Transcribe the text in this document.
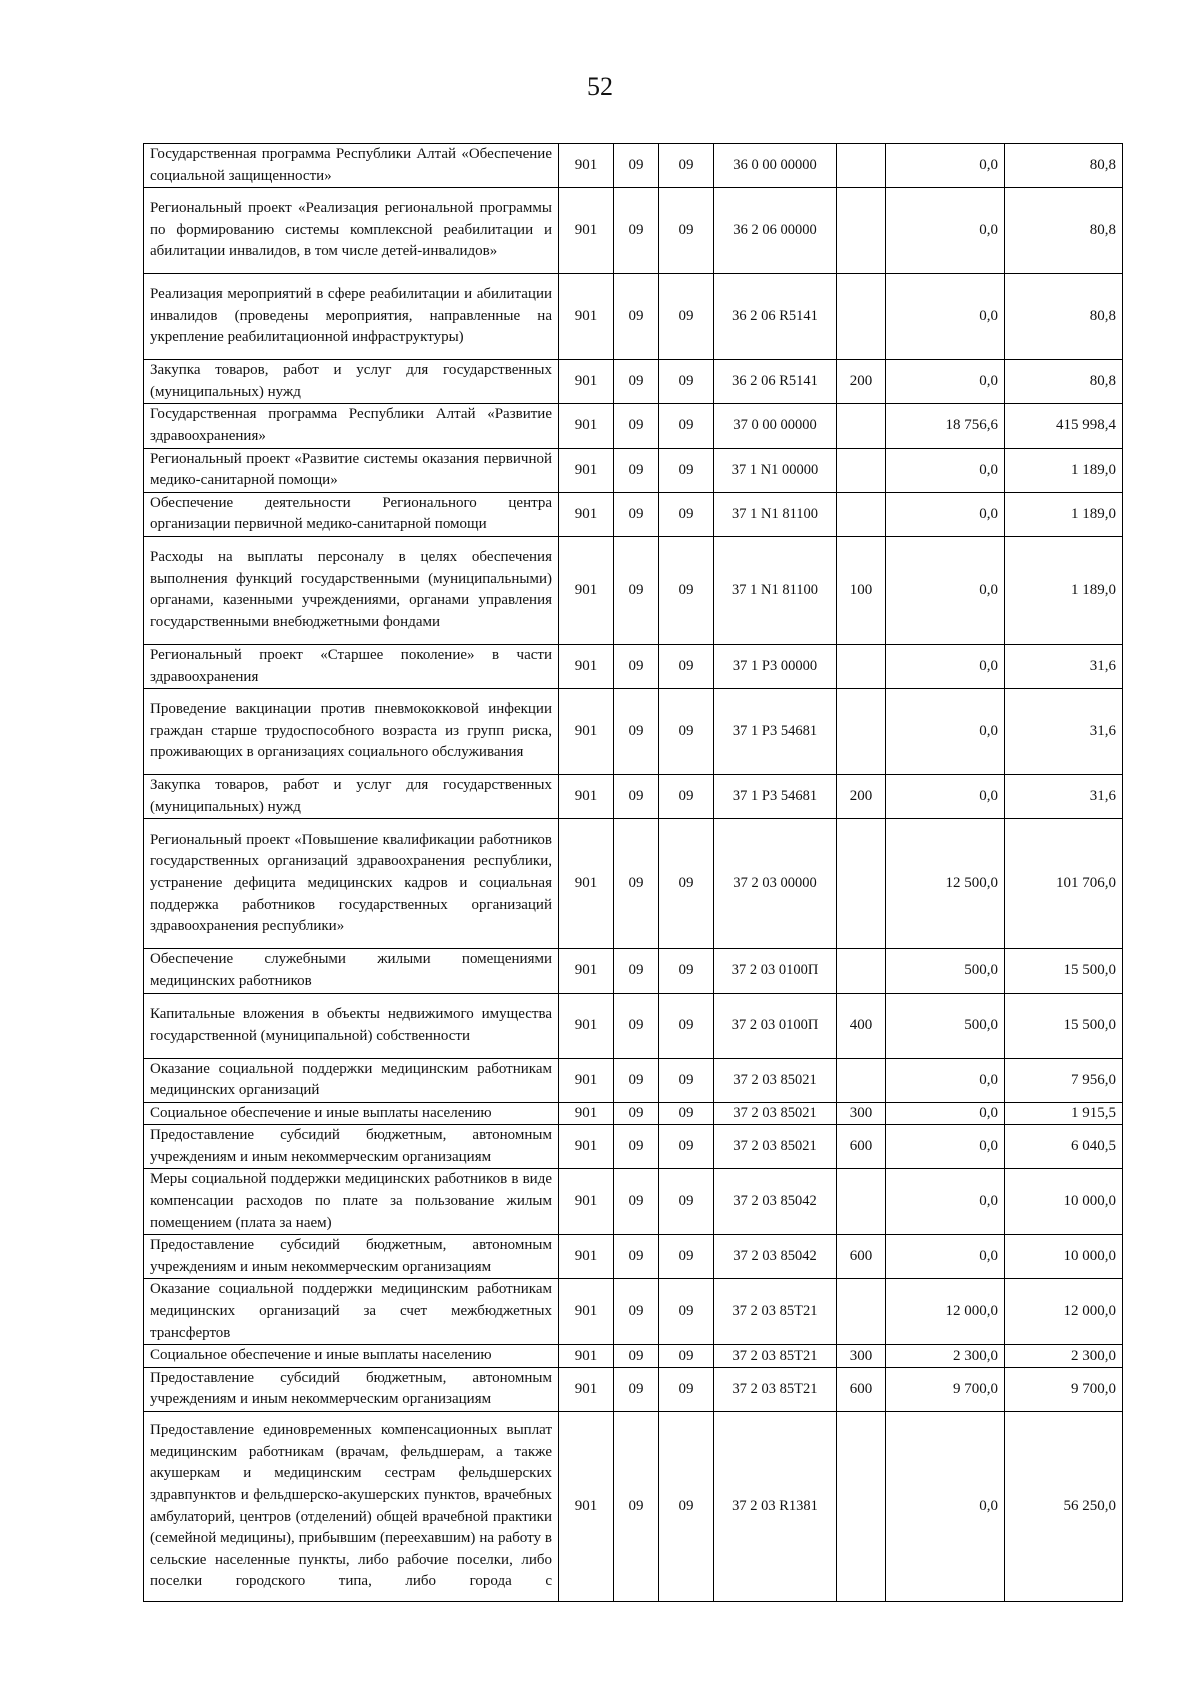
52
Государственная программа Республики Алтай «Обеспечение социальной защищенности»	901	09	09	36 0 00 00000		0,0	80,8
Региональный проект «Реализация региональной программы по формированию системы комплексной реабилитации и абилитации инвалидов, в том числе детей-инвалидов»	901	09	09	36 2 06 00000		0,0	80,8
Реализация мероприятий в сфере реабилитации и абилитации инвалидов (проведены мероприятия, направленные на укрепление реабилитационной инфраструктуры)	901	09	09	36 2 06 R5141		0,0	80,8
Закупка товаров, работ и услуг для государственных (муниципальных) нужд	901	09	09	36 2 06 R5141	200	0,0	80,8
Государственная программа Республики Алтай «Развитие здравоохранения»	901	09	09	37 0 00 00000		18 756,6	415 998,4
Региональный проект «Развитие системы оказания первичной медико-санитарной помощи»	901	09	09	37 1 N1 00000		0,0	1 189,0
Обеспечение деятельности Регионального центра организации первичной медико-санитарной помощи	901	09	09	37 1 N1 81100		0,0	1 189,0
Расходы на выплаты персоналу в целях обеспечения выполнения функций государственными (муниципальными) органами, казенными учреждениями, органами управления государственными внебюджетными фондами	901	09	09	37 1 N1 81100	100	0,0	1 189,0
Региональный проект «Старшее поколение» в части здравоохранения	901	09	09	37 1 P3 00000		0,0	31,6
Проведение вакцинации против пневмококковой инфекции граждан старше трудоспособного возраста из групп риска, проживающих в организациях социального обслуживания	901	09	09	37 1 P3 54681		0,0	31,6
Закупка товаров, работ и услуг для государственных (муниципальных) нужд	901	09	09	37 1 P3 54681	200	0,0	31,6
Региональный проект «Повышение квалификации работников государственных организаций здравоохранения республики, устранение дефицита медицинских кадров и социальная поддержка работников государственных организаций здравоохранения республики»	901	09	09	37 2 03 00000		12 500,0	101 706,0
Обеспечение служебными жилыми помещениями медицинских работников	901	09	09	37 2 03 0100П		500,0	15 500,0
Капитальные вложения в объекты недвижимого имущества государственной (муниципальной) собственности	901	09	09	37 2 03 0100П	400	500,0	15 500,0
Оказание социальной поддержки медицинским работникам медицинских организаций	901	09	09	37 2 03 85021		0,0	7 956,0
Социальное обеспечение и иные выплаты населению	901	09	09	37 2 03 85021	300	0,0	1 915,5
Предоставление субсидий бюджетным, автономным учреждениям и иным некоммерческим организациям	901	09	09	37 2 03 85021	600	0,0	6 040,5
Меры социальной поддержки медицинских работников в виде компенсации расходов по плате за пользование жилым помещением (плата за наем)	901	09	09	37 2 03 85042		0,0	10 000,0
Предоставление субсидий бюджетным, автономным учреждениям и иным некоммерческим организациям	901	09	09	37 2 03 85042	600	0,0	10 000,0
Оказание социальной поддержки медицинским работникам медицинских организаций за счет межбюджетных трансфертов	901	09	09	37 2 03 85Т21		12 000,0	12 000,0
Социальное обеспечение и иные выплаты населению	901	09	09	37 2 03 85Т21	300	2 300,0	2 300,0
Предоставление субсидий бюджетным, автономным учреждениям и иным некоммерческим организациям	901	09	09	37 2 03 85Т21	600	9 700,0	9 700,0
Предоставление единовременных компенсационных выплат медицинским работникам (врачам, фельдшерам, а также акушеркам и медицинским сестрам фельдшерских здравпунктов и фельдшерско-акушерских пунктов, врачебных амбулаторий, центров (отделений) общей врачебной практики (семейной медицины), прибывшим (переехавшим) на работу в сельские населенные пункты, либо рабочие поселки, либо поселки городского типа, либо города с	901	09	09	37 2 03 R1381		0,0	56 250,0
